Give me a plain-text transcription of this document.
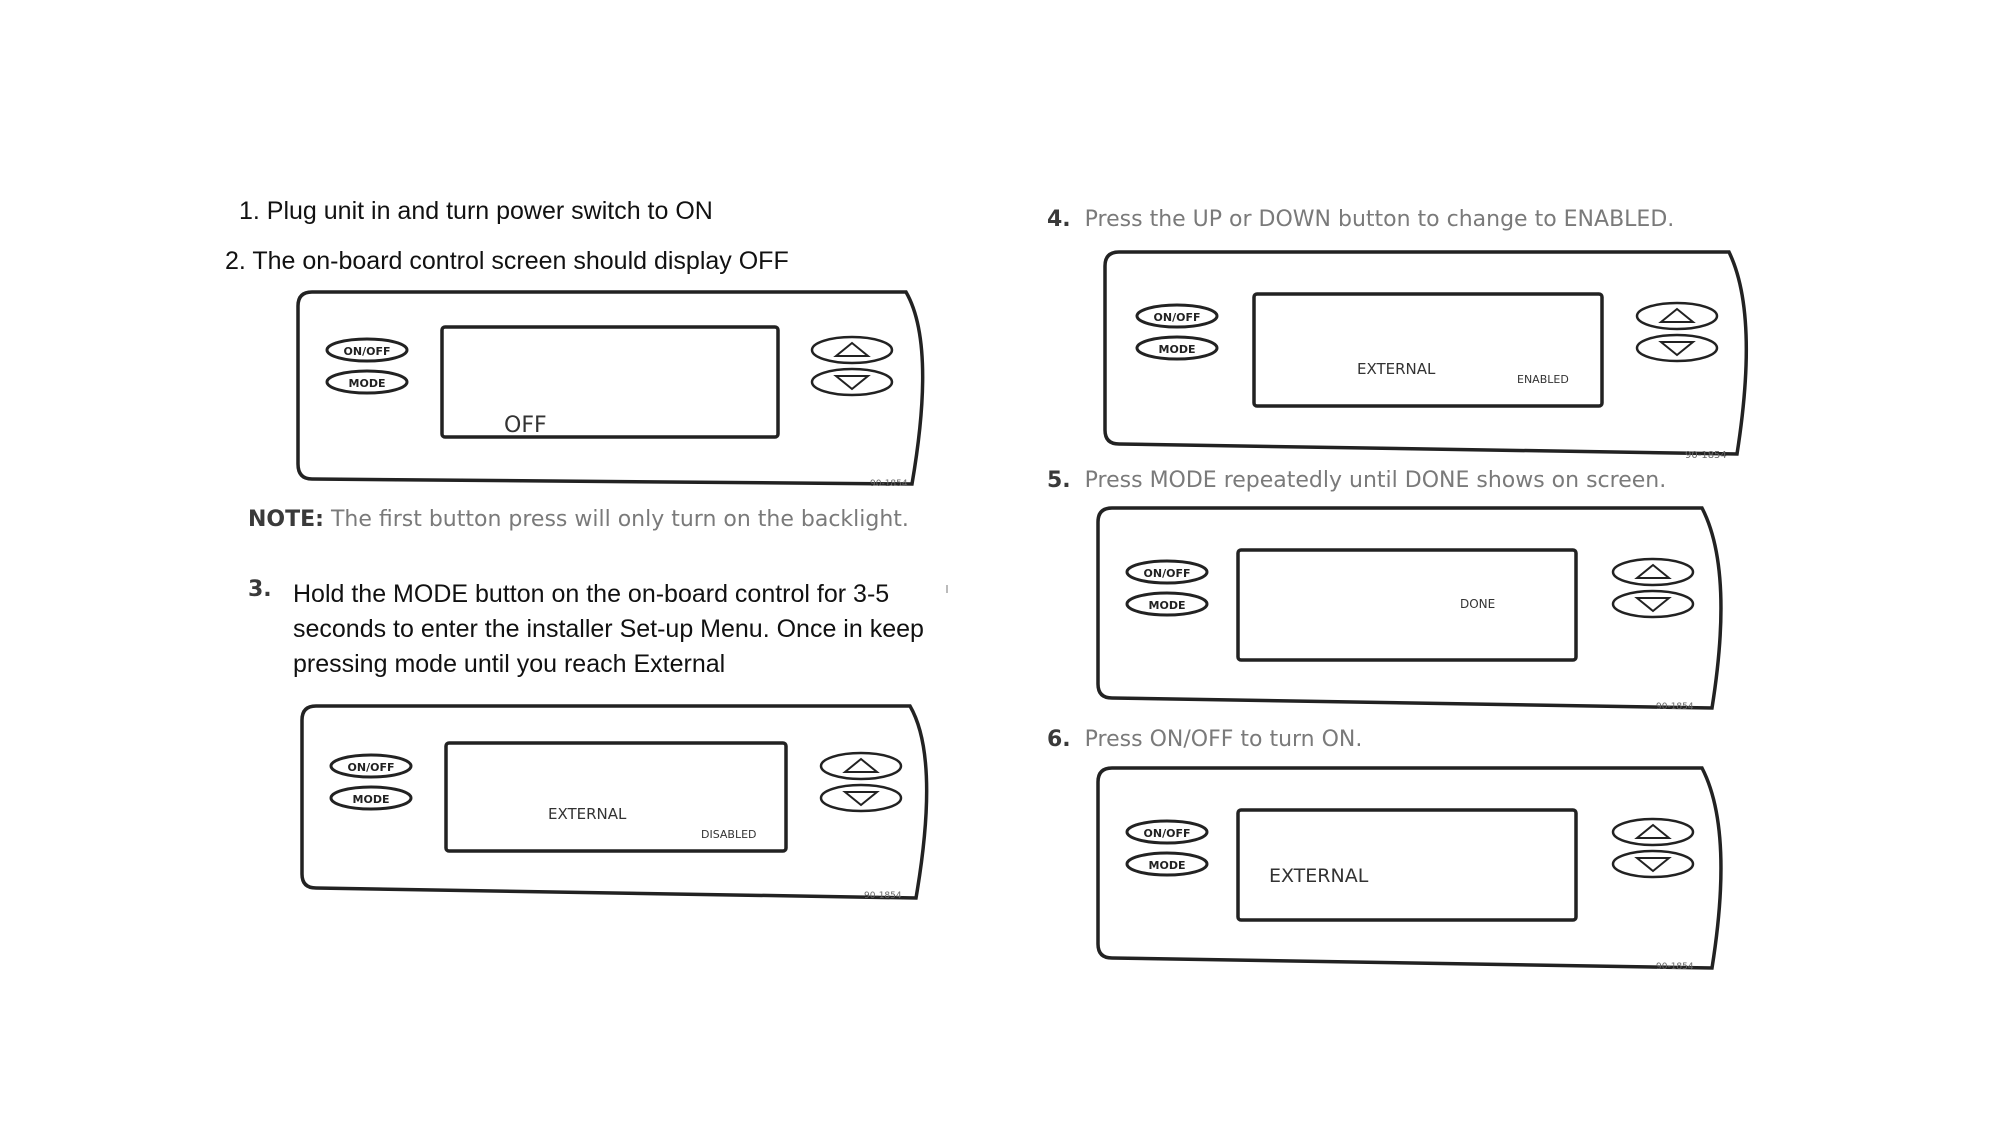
1. Plug unit in and turn power switch to ON

2. The on-board control screen should display OFF

ON/OFF
MODE
OFF
90-1854

NOTE: The first button press will only turn on the backlight.

3. Hold the MODE button on the on-board control for 3-5 seconds to enter the installer Set-up Menu. Once in keep pressing mode until you reach External

ON/OFF
MODE
EXTERNAL
DISABLED
90-1854

4. Press the UP or DOWN button to change to ENABLED.

ON/OFF
MODE
EXTERNAL
ENABLED
90-1854

5. Press MODE repeatedly until DONE shows on screen.

ON/OFF
MODE	DONE
90-1854

6. Press ON/OFF to turn ON.

ON/OFF
MODE	EXTERNAL
90-1854
